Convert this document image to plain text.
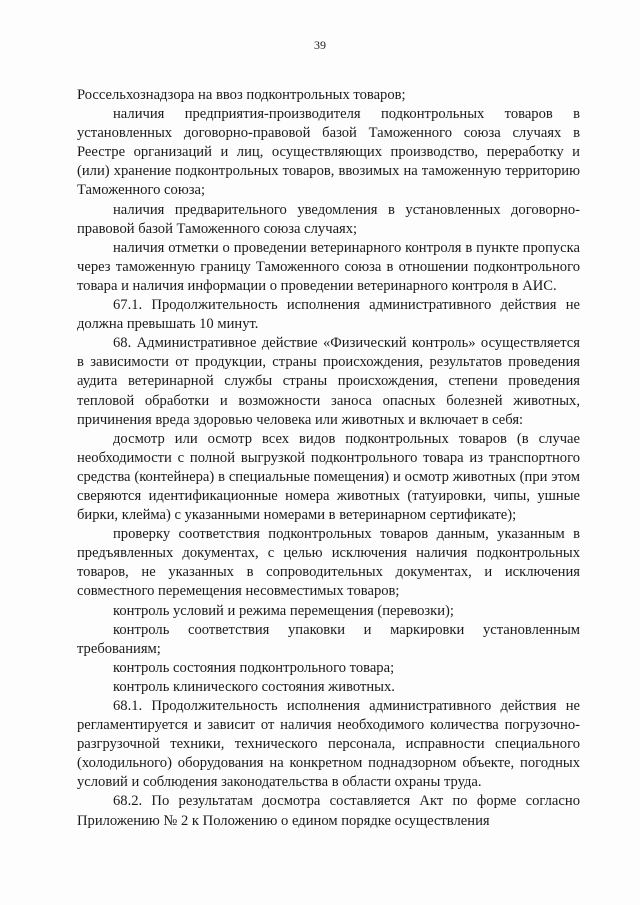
39

Россельхознадзора на ввоз подконтрольных товаров;

наличия предприятия-производителя подконтрольных товаров в установленных договорно-правовой базой Таможенного союза случаях в Реестре организаций и лиц, осуществляющих производство, переработку и (или) хранение подконтрольных товаров, ввозимых на таможенную территорию Таможенного союза;

наличия предварительного уведомления в установленных договорно-правовой базой Таможенного союза случаях;

наличия отметки о проведении ветеринарного контроля в пункте пропуска через таможенную границу Таможенного союза в отношении подконтрольного товара и наличия информации о проведении ветеринарного контроля в АИС.

67.1. Продолжительность исполнения административного действия не должна превышать 10 минут.

68. Административное действие «Физический контроль» осуществляется в зависимости от продукции, страны происхождения, результатов проведения аудита ветеринарной службы страны происхождения, степени проведения тепловой обработки и возможности заноса опасных болезней животных, причинения вреда здоровью человека или животных и включает в себя:

досмотр или осмотр всех видов подконтрольных товаров (в случае необходимости с полной выгрузкой подконтрольного товара из транспортного средства (контейнера) в специальные помещения) и осмотр животных (при этом сверяются идентификационные номера животных (татуировки, чипы, ушные бирки, клейма) с указанными номерами в ветеринарном сертификате);

проверку соответствия подконтрольных товаров данным, указанным в предъявленных документах, с целью исключения наличия подконтрольных товаров, не указанных в сопроводительных документах, и исключения совместного перемещения несовместимых товаров;

контроль условий и режима перемещения (перевозки);

контроль соответствия упаковки и маркировки установленным требованиям;

контроль состояния подконтрольного товара;

контроль клинического состояния животных.

68.1. Продолжительность исполнения административного действия не регламентируется и зависит от наличия необходимого количества погрузочно-разгрузочной техники, технического персонала, исправности специального (холодильного) оборудования на конкретном поднадзорном объекте, погодных условий и соблюдения законодательства в области охраны труда.

68.2. По результатам досмотра составляется Акт по форме согласно Приложению № 2 к Положению о едином порядке осуществления
